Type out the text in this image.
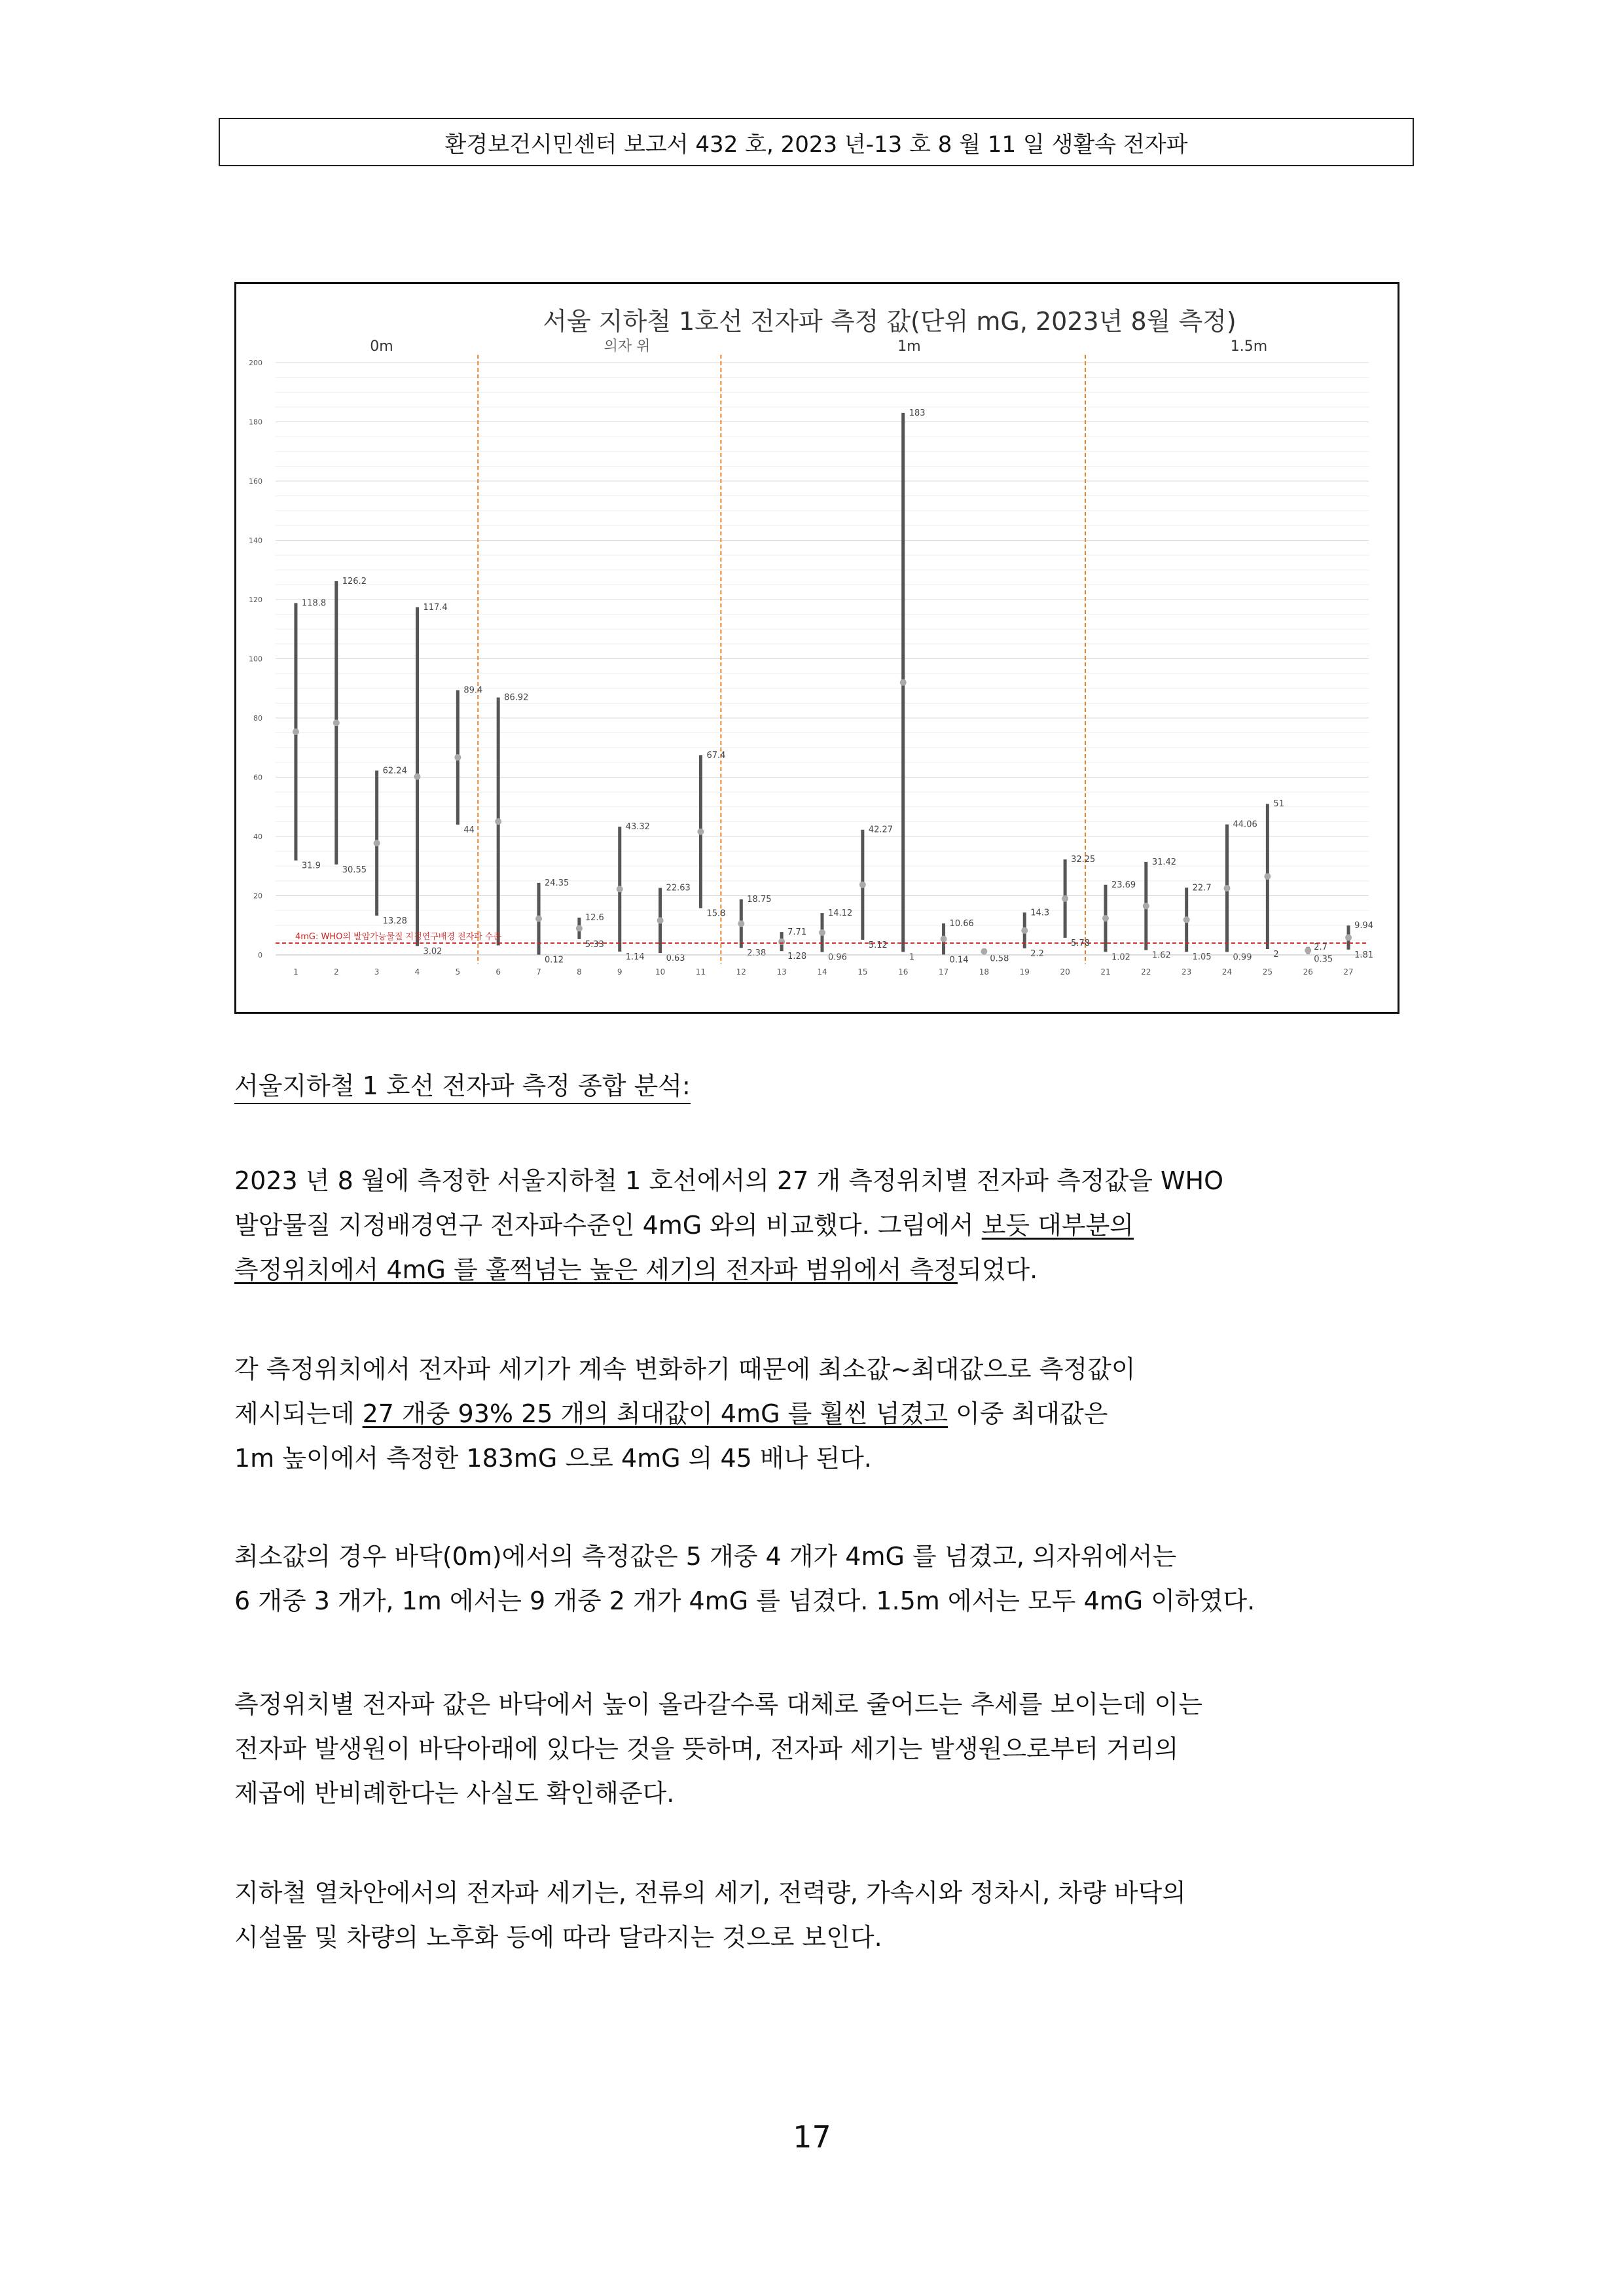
환경보건시민센터 보고서 432 호, 2023 년-13 호 8 월 11 일 생활속 전자파
서울 지하철 1호선 전자파 측정 값(단위 mG, 2023년 8월 측정)
0m	의자 위	1m	1.5m
0
20
40
60
80
100
120
140
160
180
200
4mG: WHO의 발암가능물질 지정연구배경 전자파 수준
118.8
31.9
126.2
30.55
62.24
13.28
117.4
3.02
89.4
44
86.92
24.35
0.12
12.6
5.33
43.32
1.14
22.63
0.63
67.4
15.8
18.75
2.38
7.71
1.28
14.12
0.96
42.27
5.12
183
1
10.66
0.14	0.58
14.3
2.2
32.25
5.78
23.69
1.02
31.42
1.62
22.7
1.05
44.06
0.99
51
2
2.7
0.35
9.94
1.81
1	2	3	4	5	6	7	8	9	10	11	12	13	14	15	16	17	18	19	20	21	22	23	24	25	26	27
서울지하철 1 호선 전자파 측정 종합 분석:
2023 년 8 월에 측정한 서울지하철 1 호선에서의 27 개 측정위치별 전자파 측정값을 WHO
발암물질 지정배경연구 전자파수준인 4mG 와의 비교했다. 그림에서 보듯 대부분의
측정위치에서 4mG 를 훌쩍넘는 높은 세기의 전자파 범위에서 측정되었다.
각 측정위치에서 전자파 세기가 계속 변화하기 때문에 최소값~최대값으로 측정값이
제시되는데 27 개중 93% 25 개의 최대값이 4mG 를 훨씬 넘겼고 이중 최대값은
1m 높이에서 측정한 183mG 으로 4mG 의 45 배나 된다.
최소값의 경우 바닥(0m)에서의 측정값은 5 개중 4 개가 4mG 를 넘겼고, 의자위에서는
6 개중 3 개가, 1m 에서는 9 개중 2 개가 4mG 를 넘겼다. 1.5m 에서는 모두 4mG 이하였다.
측정위치별 전자파 값은 바닥에서 높이 올라갈수록 대체로 줄어드는 추세를 보이는데 이는
전자파 발생원이 바닥아래에 있다는 것을 뜻하며, 전자파 세기는 발생원으로부터 거리의
제곱에 반비례한다는 사실도 확인해준다.
지하철 열차안에서의 전자파 세기는, 전류의 세기, 전력량, 가속시와 정차시, 차량 바닥의
시설물 및 차량의 노후화 등에 따라 달라지는 것으로 보인다.
17
